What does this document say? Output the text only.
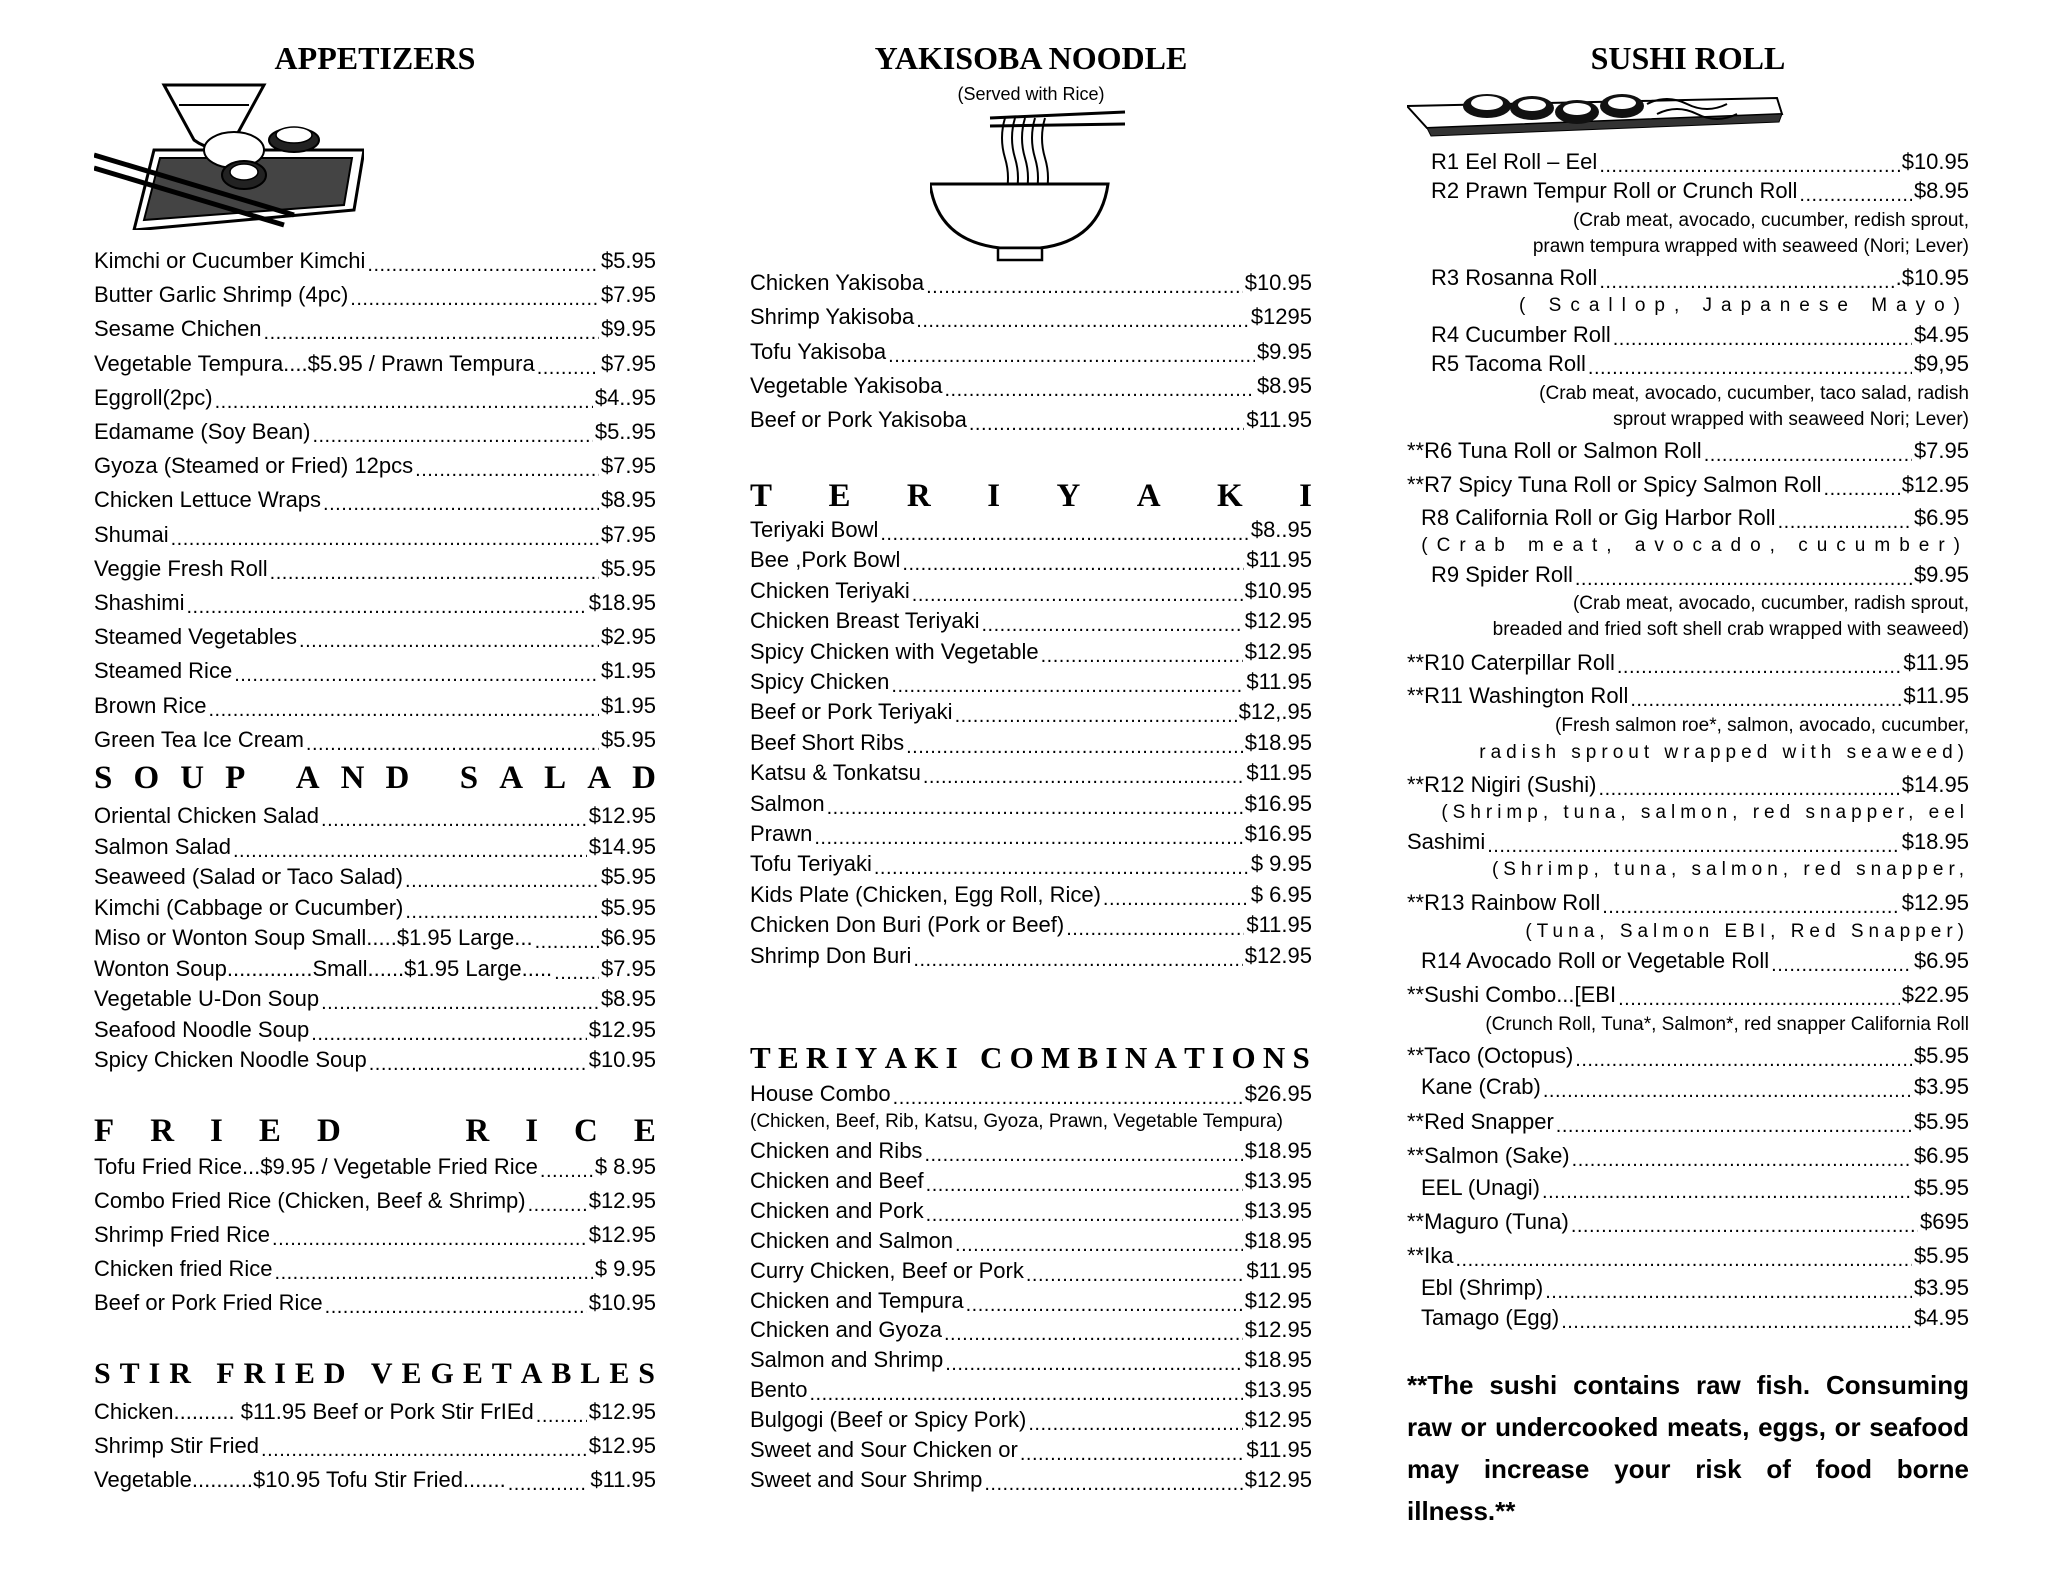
APPETIZERS
Kimchi or Cucumber Kimchi .....	$5.95
Butter Garlic Shrimp (4pc) .....	$7.95
Sesame Chichen .....	$9.95
Vegetable Tempura....$5.95 / Prawn Tempura .....	$7.95
Eggroll(2pc) .....	$4..95
Edamame (Soy Bean) .....	$5..95
Gyoza (Steamed or Fried) 12pcs .....	$7.95
Chicken Lettuce Wraps .....	$8.95
Shumai .....	$7.95
Veggie Fresh Roll .....	$5.95
Shashimi .....	$18.95
Steamed Vegetables .....	$2.95
Steamed Rice .....	$1.95
Brown Rice .....	$1.95
Green Tea Ice Cream .....	$5.95
S O U P
A N D
S A L A D
Oriental Chicken Salad .....	$12.95
Salmon Salad .....	$14.95
Seaweed (Salad or Taco Salad) .....	$5.95
Kimchi (Cabbage or Cucumber) .....	$5.95
Miso or Wonton Soup Small.....$1.95 Large... .....	$6.95
Wonton Soup..............Small......$1.95 Large..... ..... $7.95
Vegetable U-Don Soup .....	$8.95
Seafood Noodle Soup .....	$12.95
Spicy Chicken Noodle Soup .....	$10.95
F R I E D

	R I C E
Tofu Fried Rice...$9.95 / Vegetable Fried Rice .....	$ 8.95
Combo Fried Rice (Chicken, Beef & Shrimp) .....	$12.95
Shrimp Fried Rice .....	$12.95
Chicken fried Rice .....	$ 9.95
Beef or Pork Fried Rice .....	$10.95
S T I R
F R I E D
V E G E T A B L E S
Chicken.......... $11.95 Beef or Pork Stir FrIEd ..... $12.95
Shrimp Stir Fried .....	$12.95
Vegetable..........$10.95 Tofu Stir Fried....... .....	$11.95
YAKISOBA NOODLE
(Served with Rice)
Chicken Yakisoba .....	$10.95
Shrimp Yakisoba .....	$1295
Tofu Yakisoba .....	$9.95
Vegetable Yakisoba .....	$8.95
Beef or Pork Yakisoba .....	$11.95
T E R I Y A K I
Teriyaki Bowl .....	$8..95
Bee ,Pork Bowl .....	$11.95
Chicken Teriyaki .....	$10.95
Chicken Breast Teriyaki .....	$12.95
Spicy Chicken with Vegetable .....	$12.95
Spicy Chicken .....	$11.95
Beef or Pork Teriyaki .....	$12,.95
Beef Short Ribs .....	$18.95
Katsu & Tonkatsu .....	$11.95
Salmon .....	$16.95
Prawn .....	$16.95
Tofu Teriyaki .....	$ 9.95
Kids Plate (Chicken, Egg Roll, Rice) .....	$ 6.95
Chicken Don Buri (Pork or Beef) .....	$11.95
Shrimp Don Buri .....	$12.95
T E R I Y A K I
C O M B I N A T I O N S
House Combo .....	$26.95
(Chicken, Beef, Rib, Katsu, Gyoza, Prawn, Vegetable Tempura)
Chicken and Ribs .....	$18.95
Chicken and Beef .....	$13.95
Chicken and Pork .....	$13.95
Chicken and Salmon .....	$18.95
Curry Chicken, Beef or Pork .....	$11.95
Chicken and Tempura .....	$12.95
Chicken and Gyoza .....	$12.95
Salmon and Shrimp .....	$18.95
Bento .....	$13.95
Bulgogi (Beef or Spicy Pork) .....	$12.95
Sweet and Sour Chicken or .....	$11.95
Sweet and Sour Shrimp .....	$12.95
SUSHI ROLL
R1 Eel Roll – Eel .....	$10.95
R2 Prawn Tempur Roll or Crunch Roll .....	$8.95
(Crab meat, avocado, cucumber, redish sprout,
prawn tempura wrapped with seaweed (Nori; Lever)
R3 Rosanna Roll .....	.$10.95
( Scallop, Japanese Mayo)
R4 Cucumber Roll .....	$4.95
R5 Tacoma Roll .....	$9,95
(Crab meat, avocado, cucumber, taco salad, radish
sprout wrapped with seaweed Nori; Lever)
**R6 Tuna Roll or Salmon Roll .....	$7.95
**R7 Spicy Tuna Roll or Spicy Salmon Roll .....	$12.95
R8 California Roll or Gig Harbor Roll .....	$6.95
(Crab meat, avocado, cucumber)
R9 Spider Roll .....	$9.95
(Crab meat, avocado, cucumber, radish sprout,
breaded and fried soft shell crab wrapped with seaweed)
**R10 Caterpillar Roll .....	$11.95
**R11 Washington Roll .....	$11.95
(Fresh salmon roe*, salmon, avocado, cucumber,
radish sprout wrapped with seaweed)
**R12 Nigiri (Sushi) .....	$14.95
(Shrimp, tuna, salmon, red snapper, eel
Sashimi .....	$18.95
(Shrimp, tuna, salmon, red snapper,
**R13 Rainbow Roll .....	$12.95
(Tuna, Salmon EBI, Red Snapper)
R14 Avocado Roll or Vegetable Roll .....	$6.95
**Sushi Combo...[EBI .....	$22.95
(Crunch Roll, Tuna*, Salmon*, red snapper California Roll
**Taco (Octopus) .....	$5.95
Kane (Crab) .....	$3.95
**Red Snapper .....	$5.95
**Salmon (Sake) .....	$6.95
EEL (Unagi) .....	$5.95
**Maguro (Tuna) .....	$695
**Ika .....	$5.95
Ebl (Shrimp) .....	$3.95
Tamago (Egg) .....	$4.95
**The sushi contains raw fish. Consuming raw or undercooked meats, eggs, or seafood may increase your risk of food borne illness.**
